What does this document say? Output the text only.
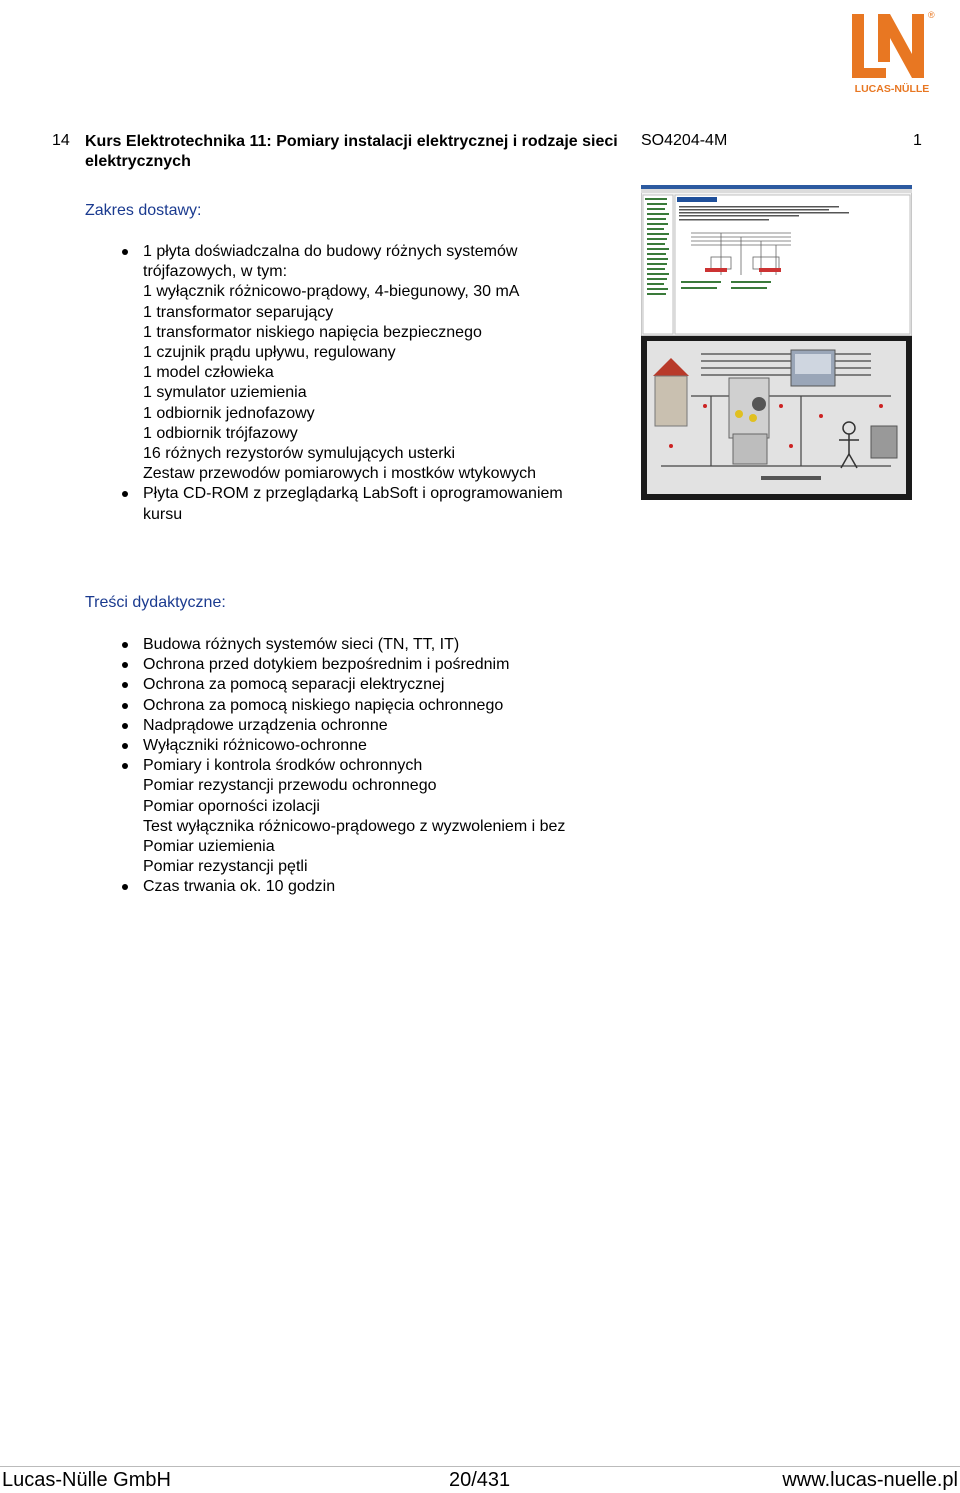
®
LUCAS-NÜLLE
14 Kurs Elektrotechnika 11: Pomiary instalacji elektrycznej i rodzaje sieci elektrycznych
SO4204-4M	1
Zakres dostawy:
1 płyta doświadczalna do budowy różnych systemów
trójfazowych, w tym:
1 wyłącznik różnicowo-prądowy, 4-biegunowy, 30 mA
1 transformator separujący
1 transformator niskiego napięcia bezpiecznego
1 czujnik prądu upływu, regulowany
1 model człowieka
1 symulator uziemienia
1 odbiornik jednofazowy
1 odbiornik trójfazowy
16 różnych rezystorów symulujących usterki
Zestaw przewodów pomiarowych i mostków wtykowych
Płyta CD-ROM z przeglądarką LabSoft i oprogramowaniem
kursu
Treści dydaktyczne:
Budowa różnych systemów sieci (TN, TT, IT)
Ochrona przed dotykiem bezpośrednim i pośrednim
Ochrona za pomocą separacji elektrycznej
Ochrona za pomocą niskiego napięcia ochronnego
Nadprądowe urządzenia ochronne
Wyłączniki różnicowo-ochronne
Pomiary i kontrola środków ochronnych
Pomiar rezystancji przewodu ochronnego
Pomiar oporności izolacji
Test wyłącznika różnicowo-prądowego z wyzwoleniem i bez
Pomiar uziemienia
Pomiar rezystancji pętli
Czas trwania ok. 10 godzin
Lucas-Nülle GmbH	20/431	www.lucas-nuelle.pl
